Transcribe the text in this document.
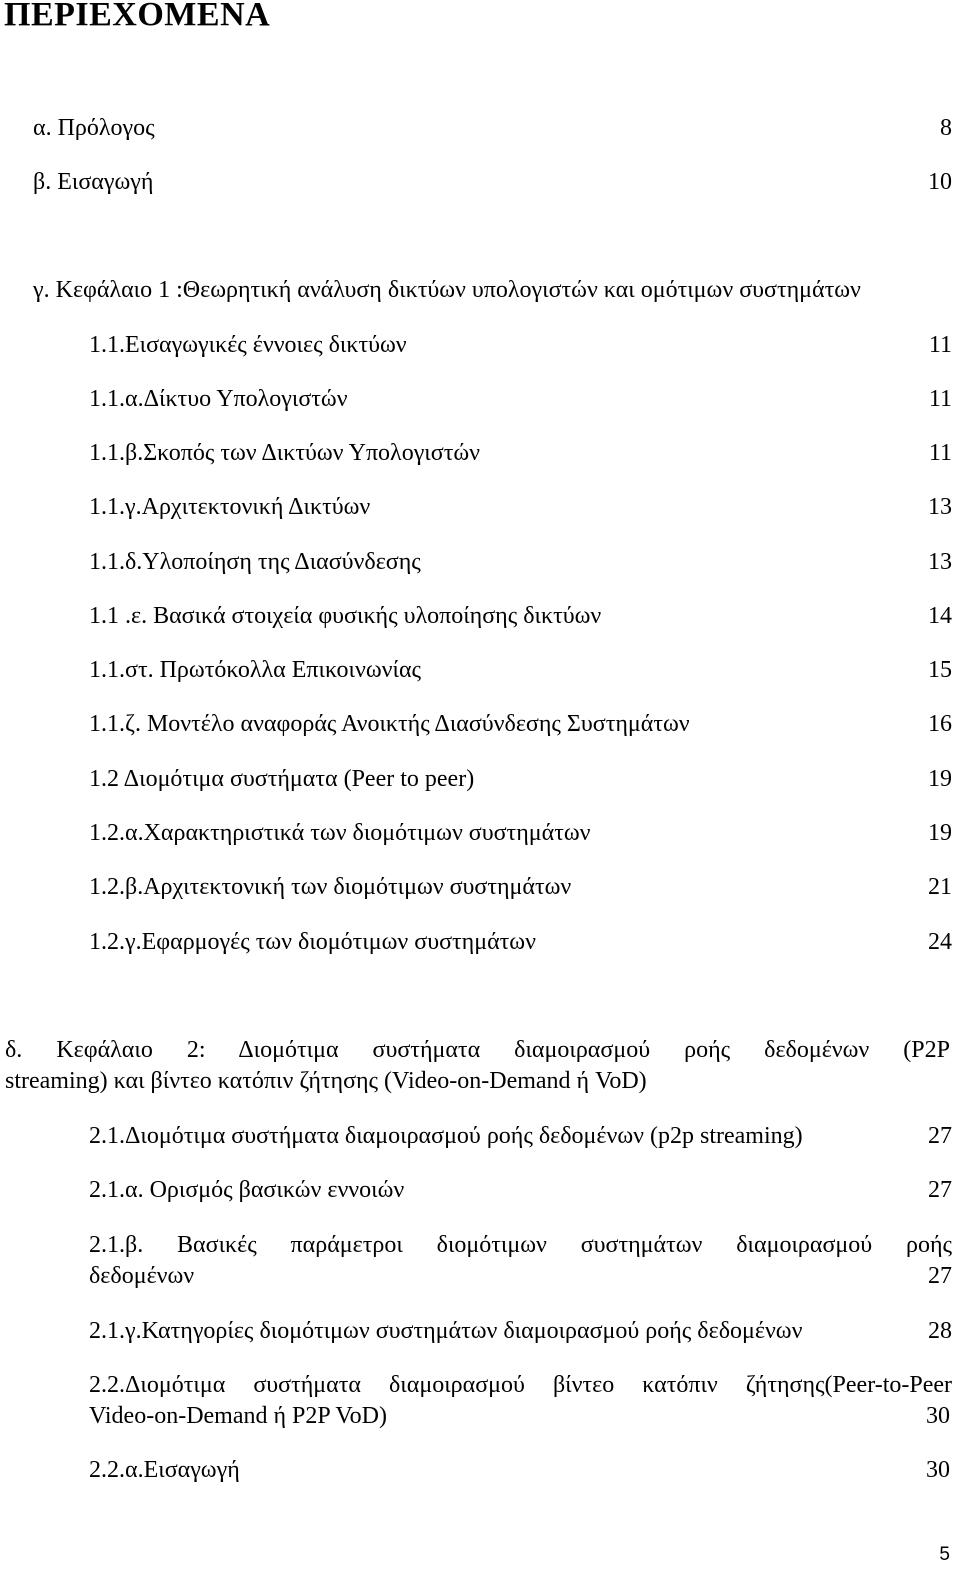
ΠΕΡΙΕΧΟΜΕΝΑ
α. Πρόλογος	8
β. Εισαγωγή	10
γ. Κεφάλαιο 1 :Θεωρητική ανάλυση δικτύων υπολογιστών και ομότιμων συστημάτων
1.1.Εισαγωγικές έννοιες δικτύων	11
1.1.α.Δίκτυο Υπολογιστών	11
1.1.β.Σκοπός των Δικτύων Υπολογιστών	11
1.1.γ.Αρχιτεκτονική Δικτύων	13
1.1.δ.Υλοποίηση της Διασύνδεσης	13
1.1 .ε. Βασικά στοιχεία φυσικής υλοποίησης δικτύων	14
1.1.στ. Πρωτόκολλα Επικοινωνίας	15
1.1.ζ. Μοντέλο αναφοράς Ανοικτής Διασύνδεσης Συστημάτων	16
1.2 Διομότιμα συστήματα (Peer to peer)	19
1.2.α.Χαρακτηριστικά των διομότιμων συστημάτων	19
1.2.β.Αρχιτεκτονική των διομότιμων συστημάτων	21
1.2.γ.Εφαρμογές των διομότιμων συστημάτων	24
δ. Κεφάλαιο 2: Διομότιμα συστήματα διαμοιρασμού ροής δεδομένων (P2P
streaming) και βίντεο κατόπιν ζήτησης (Video-on-Demand ή VoD)
2.1.Διομότιμα συστήματα διαμοιρασμού ροής δεδομένων (p2p streaming)	27
2.1.α. Ορισμός βασικών εννοιών	27
2.1.β. Βασικές παράμετροι διομότιμων συστημάτων διαμοιρασμού ροής
δεδομένων	27
2.1.γ.Κατηγορίες διομότιμων συστημάτων διαμοιρασμού ροής δεδομένων	28
2.2.Διομότιμα συστήματα διαμοιρασμού βίντεο κατόπιν ζήτησης(Peer-to-Peer
Video-on-Demand ή P2P VoD)	30
2.2.α.Εισαγωγή	30
5
